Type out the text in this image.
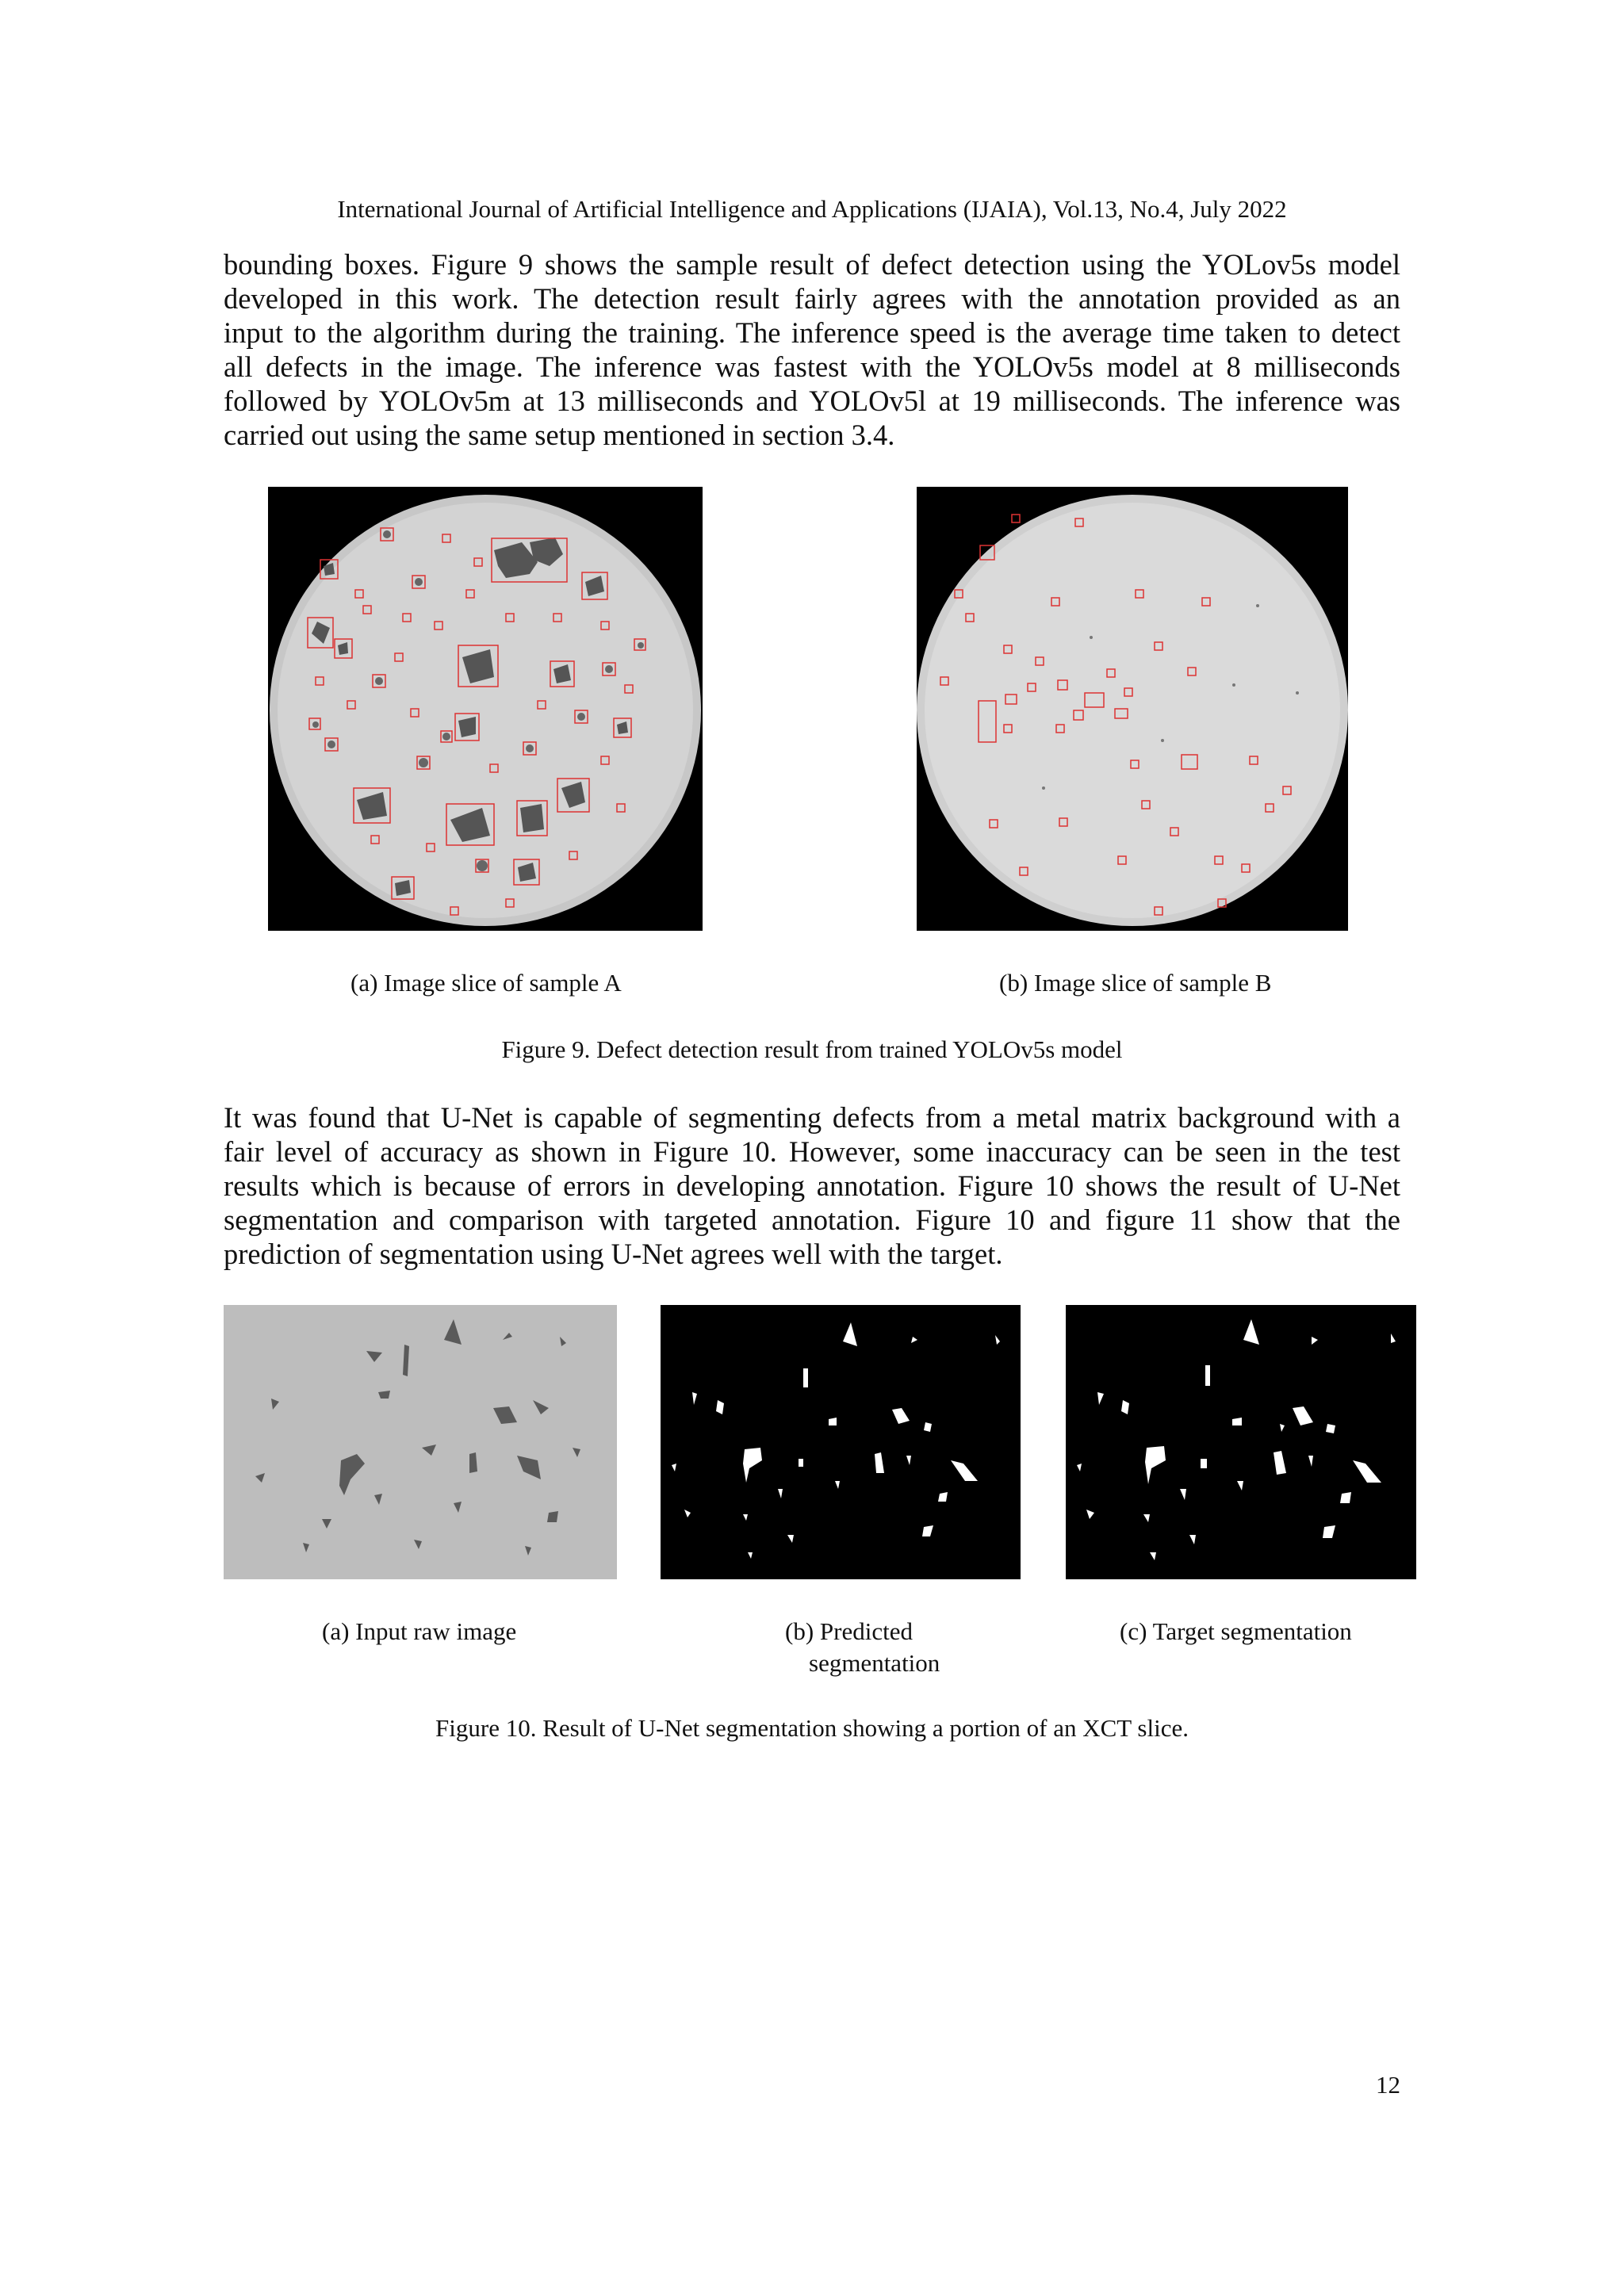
International Journal of Artificial Intelligence and Applications (IJAIA), Vol.13, No.4, July 2022
bounding boxes. Figure 9 shows the sample result of defect detection using the YOLov5s model
developed in this work. The detection result fairly agrees with the annotation provided as an
input to the algorithm during the training. The inference speed is the average time taken to detect
all defects in the image. The inference was fastest with the YOLOv5s model at 8 milliseconds
followed by YOLOv5m at 13 milliseconds and YOLOv5l at 19 milliseconds. The inference was
carried out using the same setup mentioned in section 3.4.
(a) Image slice of sample A	(b) Image slice of sample B
Figure 9. Defect detection result from trained YOLOv5s model
It was found that U-Net is capable of segmenting defects from a metal matrix background with a
fair level of accuracy as shown in Figure 10. However, some inaccuracy can be seen in the test
results which is because of errors in developing annotation. Figure 10 shows the result of U-Net
segmentation and comparison with targeted annotation. Figure 10 and figure 11 show that the
prediction of segmentation using U-Net agrees well with the target.
(a) Input raw image	(b) Predicted
segmentation
(c) Target segmentation
Figure 10. Result of U-Net segmentation showing a portion of an XCT slice.
12
